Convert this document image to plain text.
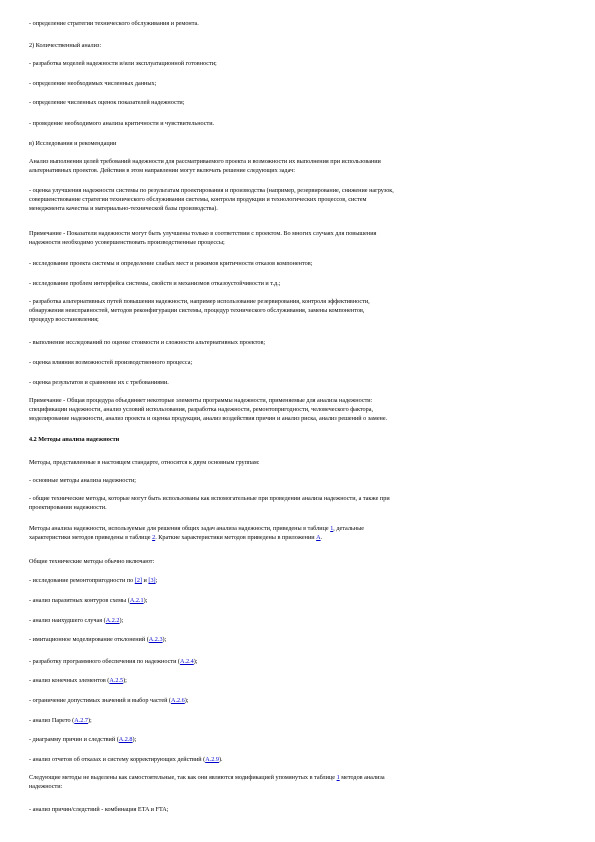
- определение стратегии технического обслуживания и ремонта.

2) Количественный анализ:

- разработка моделей надежности и/или эксплуатационной готовности;

- определение необходимых численных данных;

- определение численных оценок показателей надежности;

- проведение необходимого анализа критичности и чувствительности.

в) Исследования и рекомендации

Анализ выполнения целей требований надежности для рассматриваемого проекта и возможности их выполнения при использовании
альтернативных проектов. Действия в этом направлении могут включать решение следующих задач:

- оценка улучшения надежности системы по результатам проектирования и производства (например, резервирование, снижение нагрузок,
совершенствование стратегии технического обслуживания системы, контроля продукции и технологических процессов, систем
менеджмента качества и материально-технической базы производства).

Примечание - Показатели надежности могут быть улучшены только в соответствии с проектом. Во многих случаях для повышения
надежности необходимо усовершенствовать производственные процессы;

- исследование проекта системы и определение слабых мест и режимов критичности отказов компонентов;

- исследование проблем интерфейса системы, свойств и механизмов отказоустойчивости и т.д.;

- разработка альтернативных путей повышения надежности, например использование резервирования, контроля эффективности,
обнаружения неисправностей, методов реконфигурации системы, процедур технического обслуживания, замены компонентов,
процедур восстановления;

- выполнение исследований по оценке стоимости и сложности альтернативных проектов;

- оценка влияния возможностей производственного процесса;

- оценка результатов и сравнение их с требованиями.

Примечание - Общая процедура объединяет некоторые элементы программы надежности, применяемые для анализа надежности:
спецификации надежности, анализ условий использования, разработка надежности, ремонтопригодности, человеческого фактора,
моделирование надежности, анализ проекта и оценка продукции, анализ воздействия причин и анализ риска, анализ решений о замене.

4.2 Методы анализа надежности

Методы, представленные в настоящем стандарте, относятся к двум основным группам:

- основные методы анализа надежности;

- общие технические методы, которые могут быть использованы как вспомогательные при проведении анализа надежности, а также при
проектировании надежности.

Методы анализа надежности, используемые для решения общих задач анализа надежности, приведены в таблице 1, детальные
характеристики методов приведены в таблице 2. Краткие характеристики методов приведены в приложении А.

Общие технические методы обычно включают:

- исследование ремонтопригодности по [2] и [3];

- анализ паразитных контуров схемы (А.2.1);

- анализ наихудшего случая (А.2.2);

- имитационное моделирование отклонений (А.2.3);

- разработку программного обеспечения по надежности (А.2.4);

- анализ конечных элементов (А.2.5);

- ограничение допустимых значений и выбор частей (А.2.6);

- анализ Парето (А.2.7);

- диаграмму причин и следствий (А.2.8);

- анализ отчетов об отказах и систему корректирующих действий (А.2.9).

Следующие методы не выделены как самостоятельные, так как они являются модификацией упомянутых в таблице 1 методов анализа
надежности:

- анализ причин/следствий - комбинация ETA и FTA;
